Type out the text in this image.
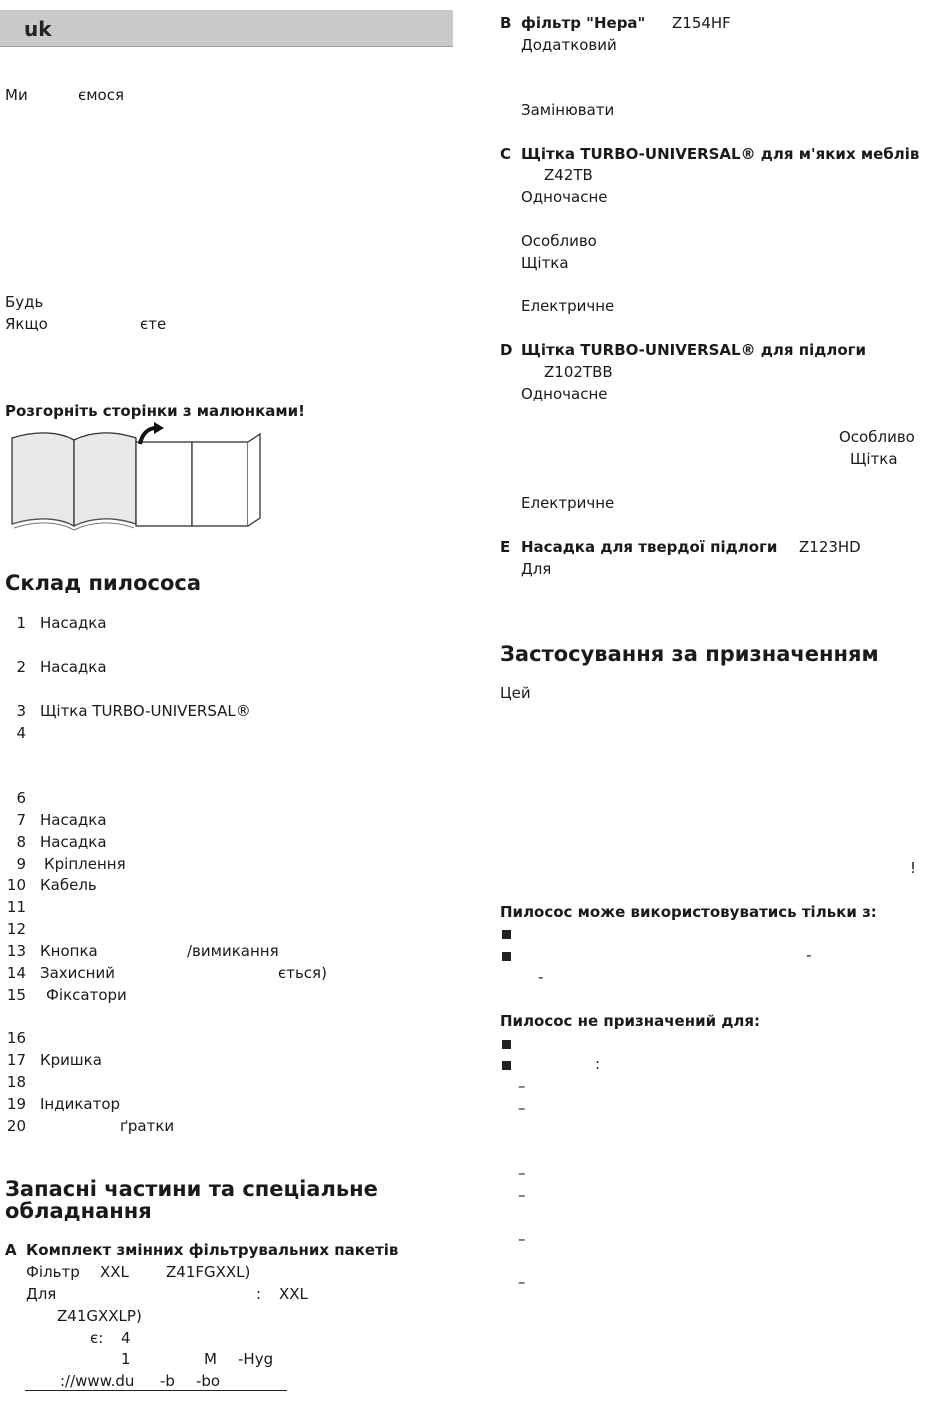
uk
Ми	ємося
Будь
Якщо	єте
Розгорніть сторінки з малюнками!
Склад пилососа
1 Насадка
2 Насадка
3 Щітка TURBO-UNIVERSAL®
4
6
7 Насадка
8 Насадка
9 Кріплення
10 Кабель
11
12
13 Кнопка	/вимикання
14 Захисний	ється)
15 Фіксатори
16
17 Кришка
18
19 Індикатор
20	ґратки
Запасні частини та спеціальне
обладнання
A Комплект змінних фільтрувальних пакетів
Фільтр XXL Z41FGXXL)
Для	: XXL
Z41GXXLP)
є: 4
1	M -Hyg
://www.du -b -bo
B фільтр "Hepa" Z154HF
Додатковий
Замінювати
C Щітка TURBO-UNIVERSAL® для м'яких меблів
Z42TB
Одночасне
Особливо
Щітка
Електричне
D Щітка TURBO-UNIVERSAL® для підлоги
Z102TBB
Одночасне
Особливо
Щітка
Електричне
E Насадка для твердої підлоги Z123HD
Для
Застосування за призначенням
Цей
!
Пилосос може використовуватись тільки з:
-
-
Пилосос не призначений для:
:
–
–
–
–
–
–
